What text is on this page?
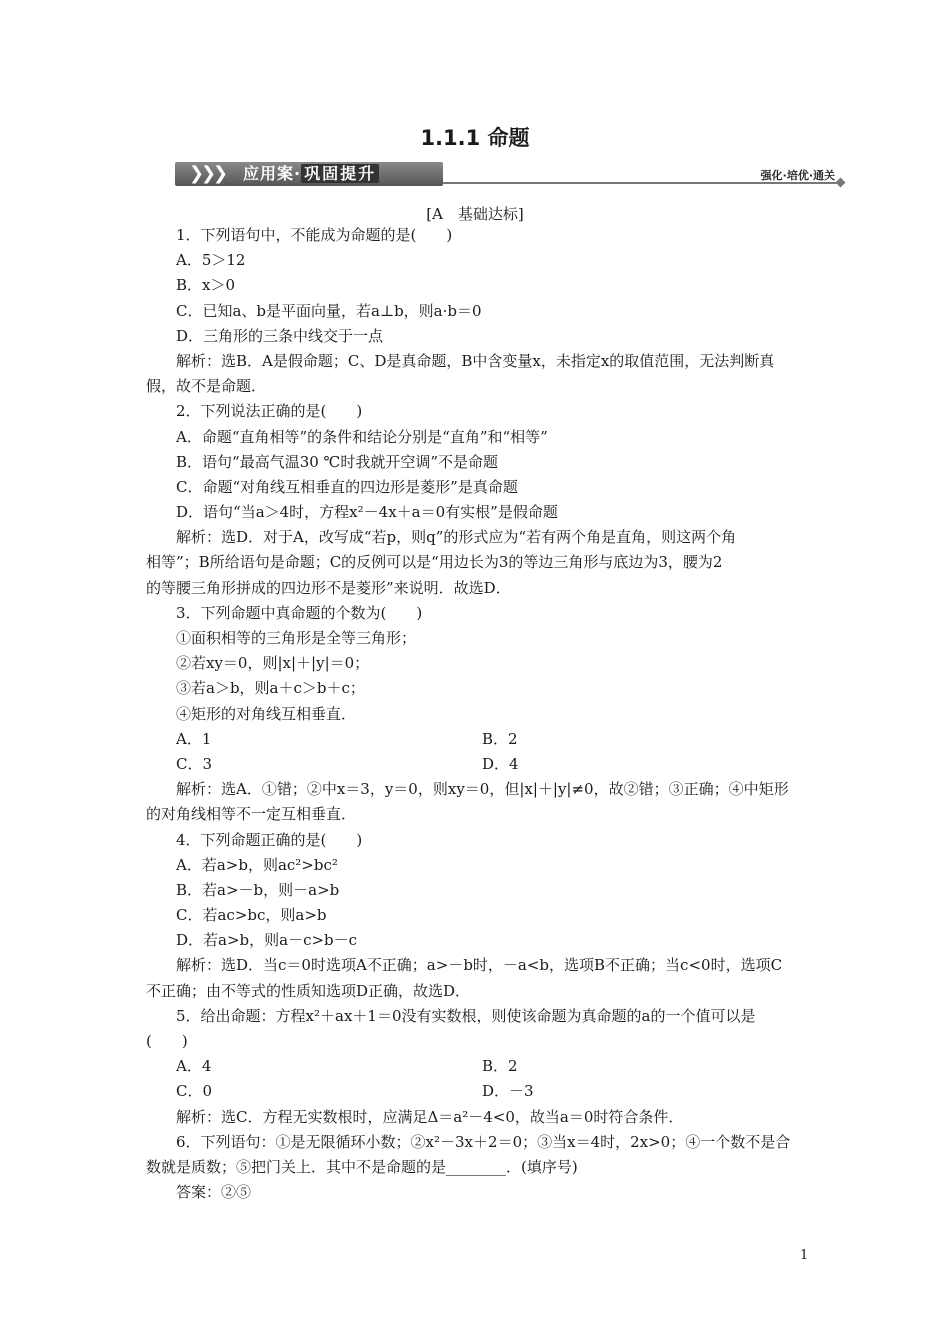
1.1.1 命题
❯
❯
❯ 应用案· 巩固提升	强化·培优·通关
[A　基础达标]
1．下列语句中，不能成为命题的是(　　)
A．5＞12
B．x＞0
C．已知a、b是平面向量，若a⊥b，则a·b＝0
D．三角形的三条中线交于一点
解析：选B．A是假命题；C、D是真命题，B中含变量x，未指定x的取值范围，无法判断真
假，故不是命题．
2．下列说法正确的是(　　)
A．命题“直角相等”的条件和结论分别是“直角”和“相等”
B．语句“最高气温30 ℃时我就开空调”不是命题
C．命题“对角线互相垂直的四边形是菱形”是真命题
D．语句“当a＞4时，方程x²－4x＋a＝0有实根”是假命题
解析：选D．对于A，改写成“若p，则q”的形式应为“若有两个角是直角，则这两个角
相等”；B所给语句是命题；C的反例可以是“用边长为3的等边三角形与底边为3，腰为2
的等腰三角形拼成的四边形不是菱形”来说明．故选D．
3．下列命题中真命题的个数为(　　)
①面积相等的三角形是全等三角形；
②若xy＝0，则|x|＋|y|＝0；
③若a＞b，则a＋c＞b＋c；
④矩形的对角线互相垂直．
A．1	B．2
C．3	D．4
解析：选A．①错；②中x＝3，y＝0，则xy＝0，但|x|＋|y|≠0，故②错；③正确；④中矩形
的对角线相等不一定互相垂直．
4．下列命题正确的是(　　)
A．若a>b，则ac²>bc²
B．若a>－b，则－a>b
C．若ac>bc，则a>b
D．若a>b，则a－c>b－c
解析：选D．当c＝0时选项A不正确；a>－b时，－a<b，选项B不正确；当c<0时，选项C
不正确；由不等式的性质知选项D正确，故选D．
5．给出命题：方程x²＋ax＋1＝0没有实数根，则使该命题为真命题的a的一个值可以是
(　　)
A．4	B．2
C．0	D．－3
解析：选C．方程无实数根时，应满足Δ＝a²－4<0，故当a＝0时符合条件．
6．下列语句：①是无限循环小数；②x²－3x＋2＝0；③当x＝4时，2x>0；④一个数不是合
数就是质数；⑤把门关上．其中不是命题的是________．(填序号)
答案：②⑤
1
